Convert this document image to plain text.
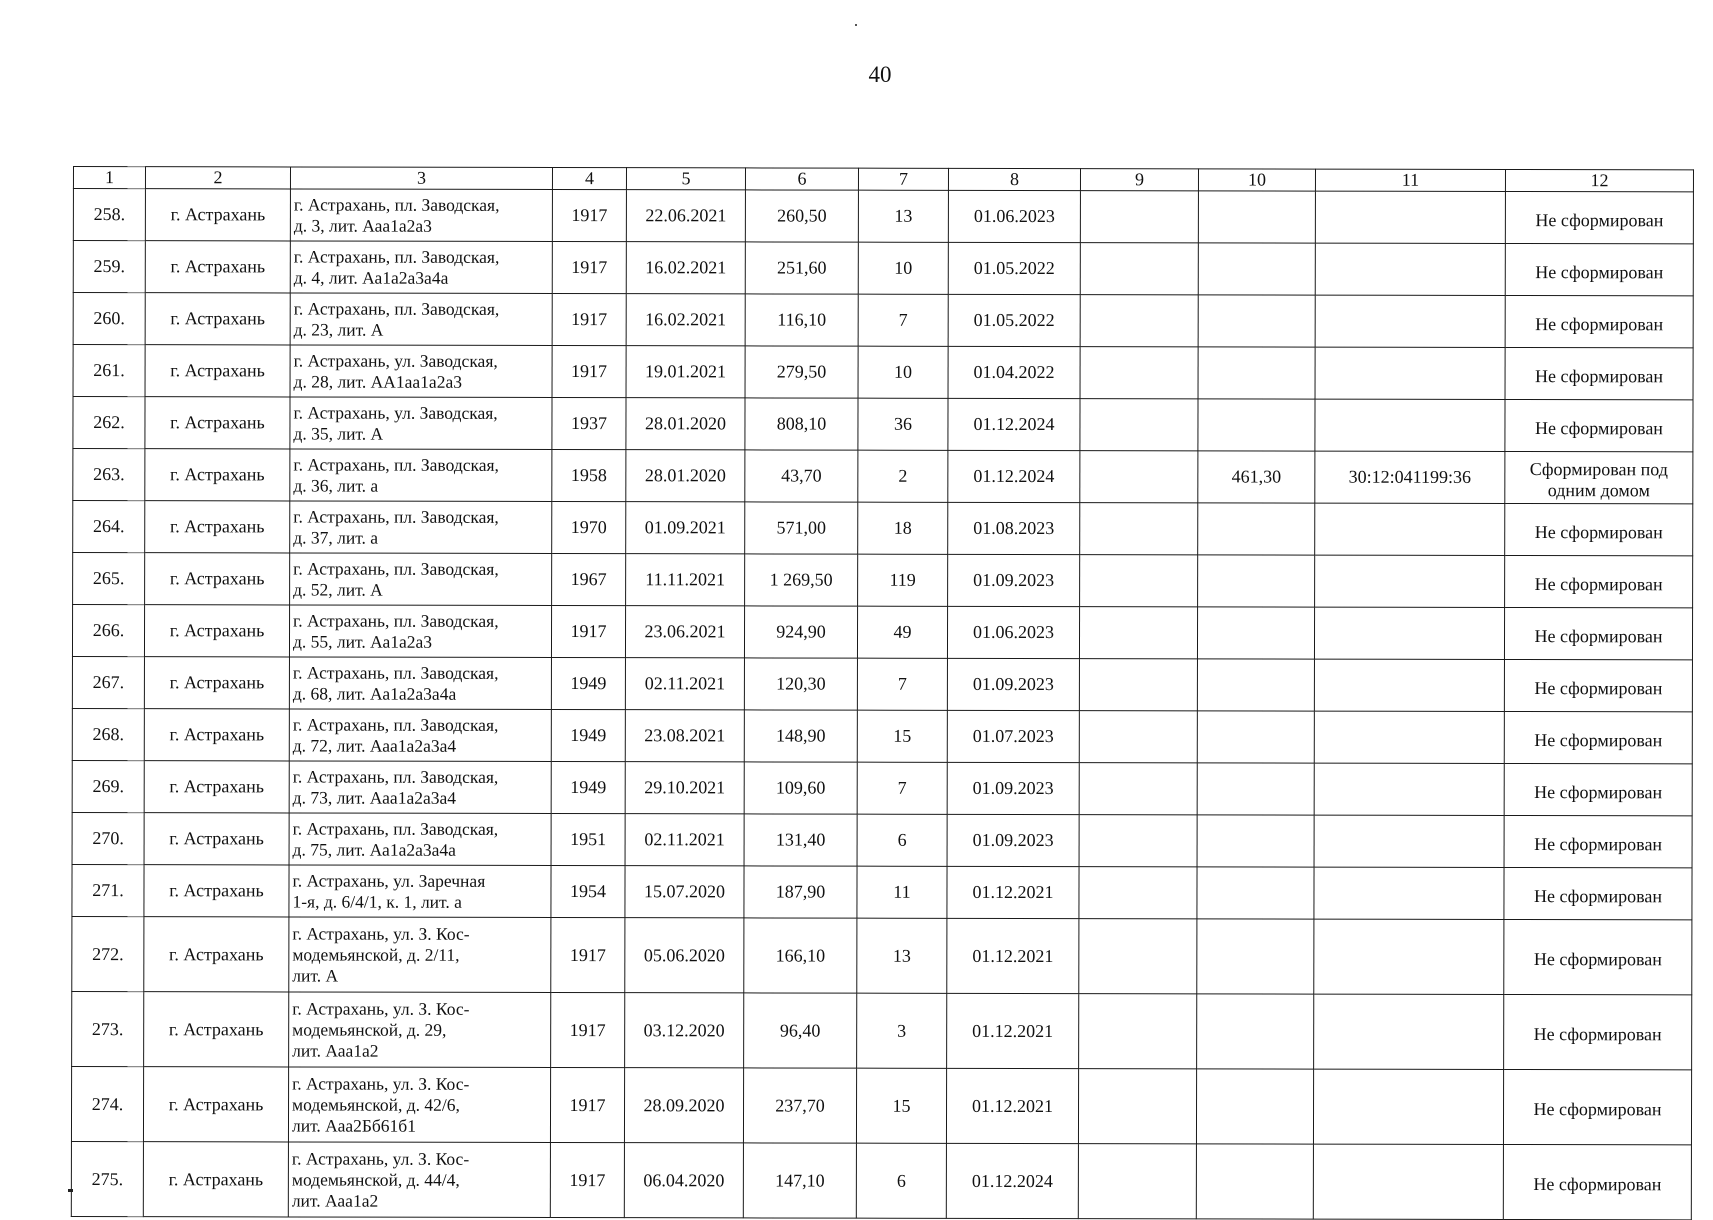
40
1	2	3	4	5	6	7	8	9	10	11	12
258.	г. Астрахань	г. Астрахань, пл. Заводская,
д. 3, лит. Ааа1а2а3	1917	22.06.2021	260,50	13	01.06.2023				Не сформирован
259.	г. Астрахань	г. Астрахань, пл. Заводская,
д. 4, лит. Аа1а2а3а4а	1917	16.02.2021	251,60	10	01.05.2022				Не сформирован
260.	г. Астрахань	г. Астрахань, пл. Заводская,
д. 23, лит. А	1917	16.02.2021	116,10	7	01.05.2022				Не сформирован
261.	г. Астрахань	г. Астрахань, ул. Заводская,
д. 28, лит. АА1аа1а2а3	1917	19.01.2021	279,50	10	01.04.2022				Не сформирован
262.	г. Астрахань	г. Астрахань, ул. Заводская,
д. 35, лит. А	1937	28.01.2020	808,10	36	01.12.2024				Не сформирован
263.	г. Астрахань	г. Астрахань, пл. Заводская,
д. 36, лит. а	1958	28.01.2020	43,70	2	01.12.2024		461,30	30:12:041199:36	Сформирован под одним домом
264.	г. Астрахань	г. Астрахань, пл. Заводская,
д. 37, лит. а	1970	01.09.2021	571,00	18	01.08.2023				Не сформирован
265.	г. Астрахань	г. Астрахань, пл. Заводская,
д. 52, лит. А	1967	11.11.2021	1 269,50	119	01.09.2023				Не сформирован
266.	г. Астрахань	г. Астрахань, пл. Заводская,
д. 55, лит. Аа1а2а3	1917	23.06.2021	924,90	49	01.06.2023				Не сформирован
267.	г. Астрахань	г. Астрахань, пл. Заводская,
д. 68, лит. Аа1а2а3а4а	1949	02.11.2021	120,30	7	01.09.2023				Не сформирован
268.	г. Астрахань	г. Астрахань, пл. Заводская,
д. 72, лит. Ааа1а2а3а4	1949	23.08.2021	148,90	15	01.07.2023				Не сформирован
269.	г. Астрахань	г. Астрахань, пл. Заводская,
д. 73, лит. Ааа1а2а3а4	1949	29.10.2021	109,60	7	01.09.2023				Не сформирован
270.	г. Астрахань	г. Астрахань, пл. Заводская,
д. 75, лит. Аа1а2а3а4а	1951	02.11.2021	131,40	6	01.09.2023				Не сформирован
271.	г. Астрахань	г. Астрахань, ул. Заречная
1-я, д. 6/4/1, к. 1, лит. а	1954	15.07.2020	187,90	11	01.12.2021				Не сформирован
272.	г. Астрахань	г. Астрахань, ул. З. Кос-
модемьянской, д. 2/11,
лит. А	1917	05.06.2020	166,10	13	01.12.2021				Не сформирован
273.	г. Астрахань	г. Астрахань, ул. З. Кос-
модемьянской, д. 29,
лит. Ааа1а2	1917	03.12.2020	96,40	3	01.12.2021				Не сформирован
274.	г. Астрахань	г. Астрахань, ул. З. Кос-
модемьянской, д. 42/6,
лит. Ааа2Бб61б1	1917	28.09.2020	237,70	15	01.12.2021				Не сформирован
275.	г. Астрахань	г. Астрахань, ул. З. Кос-
модемьянской, д. 44/4,
лит. Ааа1а2	1917	06.04.2020	147,10	6	01.12.2024				Не сформирован
